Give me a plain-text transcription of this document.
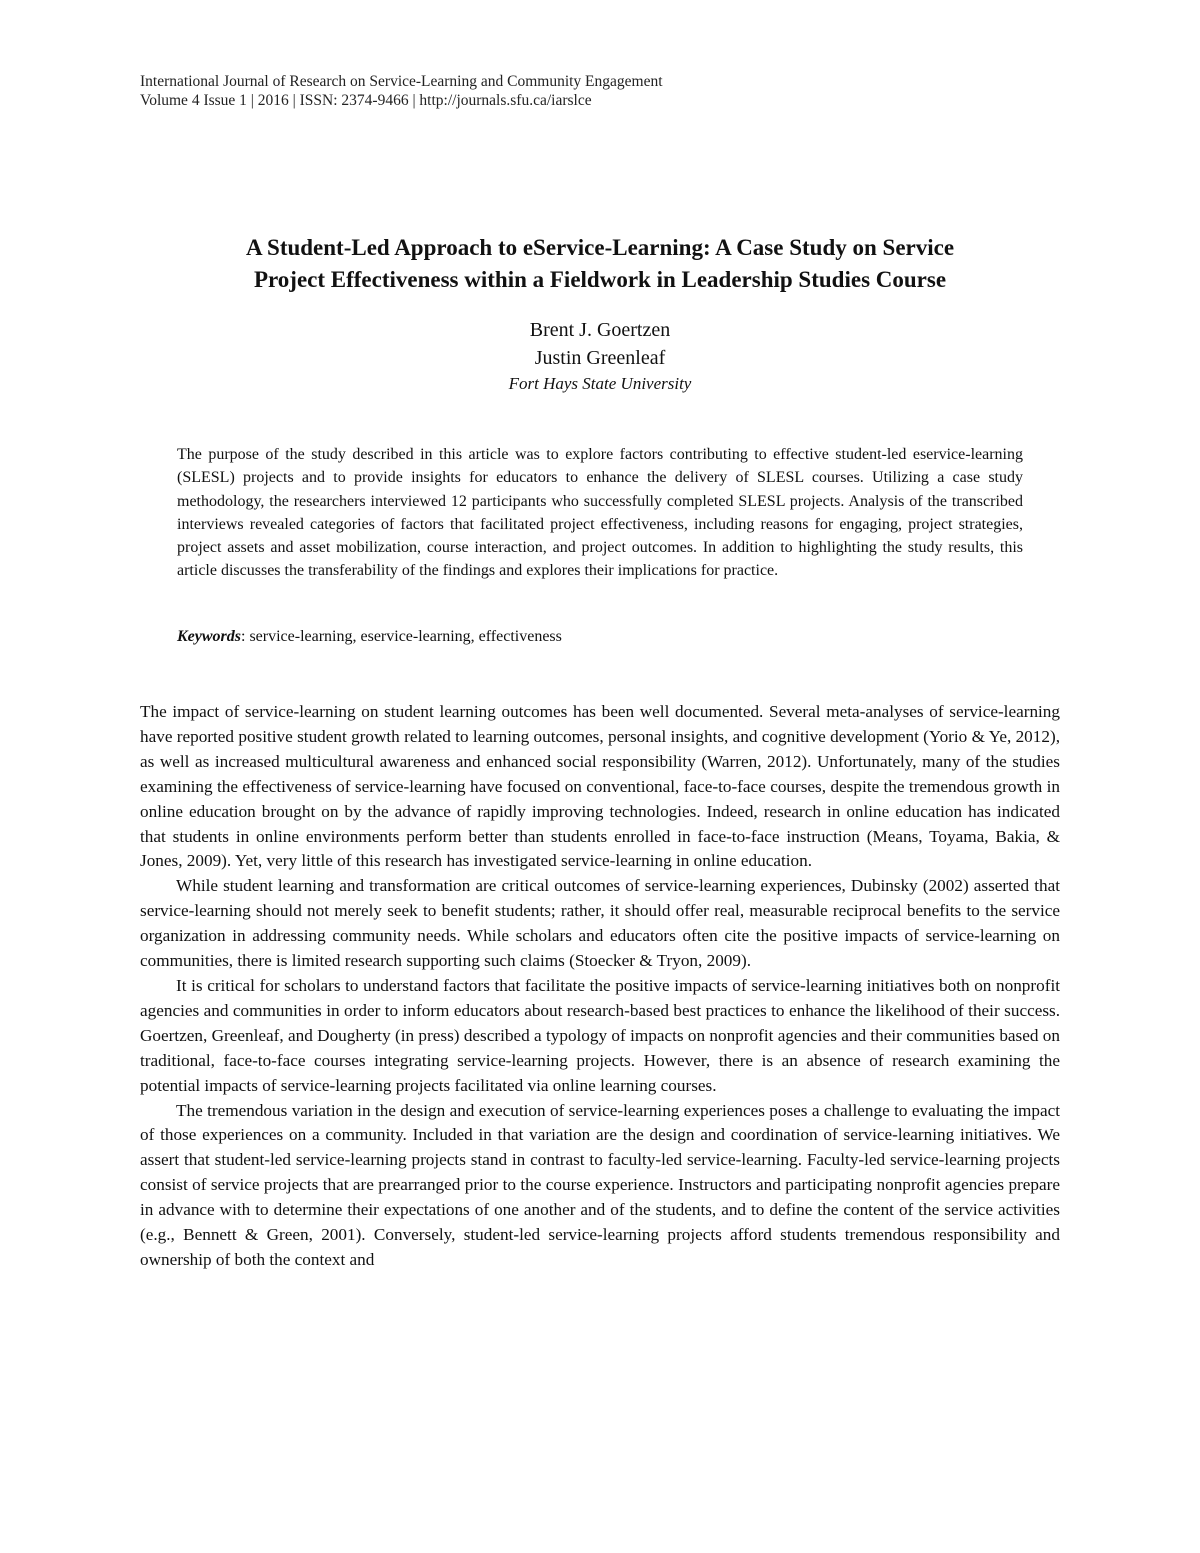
International Journal of Research on Service-Learning and Community Engagement
Volume 4 Issue 1 | 2016 | ISSN: 2374-9466 | http://journals.sfu.ca/iarslce
A Student-Led Approach to eService-Learning: A Case Study on Service
Project Effectiveness within a Fieldwork in Leadership Studies Course
Brent J. Goertzen
Justin Greenleaf
Fort Hays State University
The purpose of the study described in this article was to explore factors contributing to effective student-led eservice-learning (SLESL) projects and to provide insights for educators to enhance the delivery of SLESL courses. Utilizing a case study methodology, the researchers interviewed 12 participants who successfully completed SLESL projects. Analysis of the transcribed interviews revealed categories of factors that facilitated project effectiveness, including reasons for engaging, project strategies, project assets and asset mobilization, course interaction, and project outcomes. In addition to highlighting the study results, this article discusses the transferability of the findings and explores their implications for practice.
Keywords: service-learning, eservice-learning, effectiveness

The impact of service-learning on student learning outcomes has been well documented. Several meta-analyses of service-learning have reported positive student growth related to learning outcomes, personal insights, and cognitive development (Yorio & Ye, 2012), as well as increased multicultural awareness and enhanced social responsibility (Warren, 2012). Unfortunately, many of the studies examining the effectiveness of service-learning have focused on conventional, face-to-face courses, despite the tremendous growth in online education brought on by the advance of rapidly improving technologies. Indeed, research in online education has indicated that students in online environments perform better than students enrolled in face-to-face instruction (Means, Toyama, Bakia, & Jones, 2009). Yet, very little of this research has investigated service-learning in online education.

While student learning and transformation are critical outcomes of service-learning experiences, Dubinsky (2002) asserted that service-learning should not merely seek to benefit students; rather, it should offer real, measurable reciprocal benefits to the service organization in addressing community needs. While scholars and educators often cite the positive impacts of service-learning on communities, there is limited research supporting such claims (Stoecker & Tryon, 2009).

It is critical for scholars to understand factors that facilitate the positive impacts of service-learning initiatives both on nonprofit agencies and communities in order to inform educators about research-based best practices to enhance the likelihood of their success. Goertzen, Greenleaf, and Dougherty (in press) described a typology of impacts on nonprofit agencies and their communities based on traditional, face-to-face courses integrating service-learning projects. However, there is an absence of research examining the potential impacts of service-learning projects facilitated via online learning courses.

The tremendous variation in the design and execution of service-learning experiences poses a challenge to evaluating the impact of those experiences on a community. Included in that variation are the design and coordination of service-learning initiatives. We assert that student-led service-learning projects stand in contrast to faculty-led service-learning. Faculty-led service-learning projects consist of service projects that are prearranged prior to the course experience. Instructors and participating nonprofit agencies prepare in advance with to determine their expectations of one another and of the students, and to define the content of the service activities (e.g., Bennett & Green, 2001). Conversely, student-led service-learning projects afford students tremendous responsibility and ownership of both the context and
